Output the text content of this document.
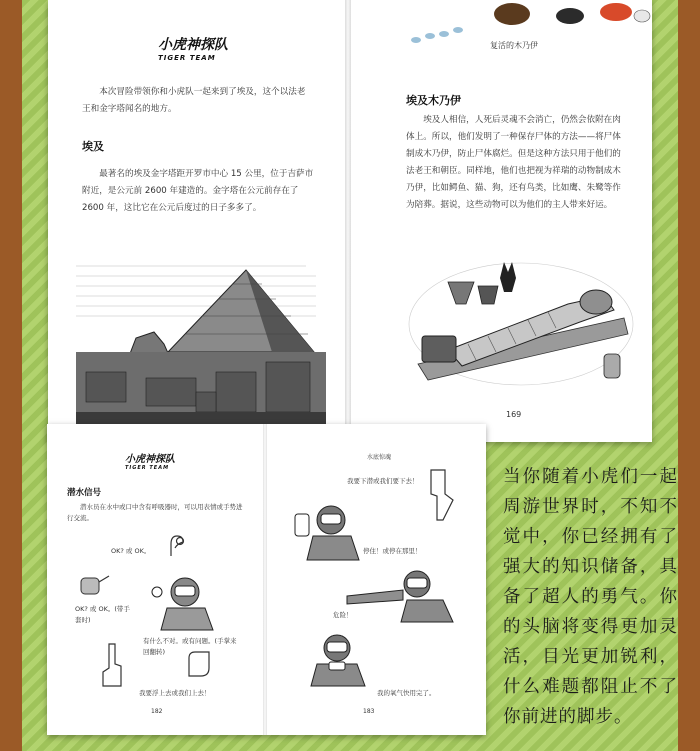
小虎神探队
TIGER TEAM
本次冒险带领你和小虎队一起来到了埃及，这个以法老王和金字塔闻名的地方。
埃及
最著名的埃及金字塔距开罗市中心 15 公里，位于吉萨市附近，是公元前 2600 年建造的。金字塔在公元前存在了 2600 年，这比它在公元后度过的日子多多了。
复活的木乃伊
埃及木乃伊
埃及人相信，人死后灵魂不会消亡，仍然会依附在肉体上。所以，他们发明了一种保存尸体的方法——将尸体制成木乃伊，防止尸体腐烂。但是这种方法只用于他们的法老王和朝臣。同样地，他们也把视为祥瑞的动物制成木乃伊，比如鳄鱼、猫、狗，还有鸟类，比如鹰、朱鹭等作为陪葬。据说，这些动物可以为他们的主人带来好运。
169
小虎神探队
TIGER TEAM
潜水信号
潜水员在水中或口中含有呼吸器时，可以用表情或手势进行交流。
OK? 或 OK。
OK? 或 OK。(带手套时)
有什么不对。或有问题。(手掌来回翻转)
我要浮上去或我们上去！
182
水底惊魂
我要下潜或我们要下去！
停住！或停在那里！
危险！
我的氧气快用完了。
183
当你随着小虎们一起周游世界时，不知不觉中，你已经拥有了强大的知识储备，具备了超人的勇气。你的头脑将变得更加灵活，目光更加锐利，什么难题都阻止不了你前进的脚步。
